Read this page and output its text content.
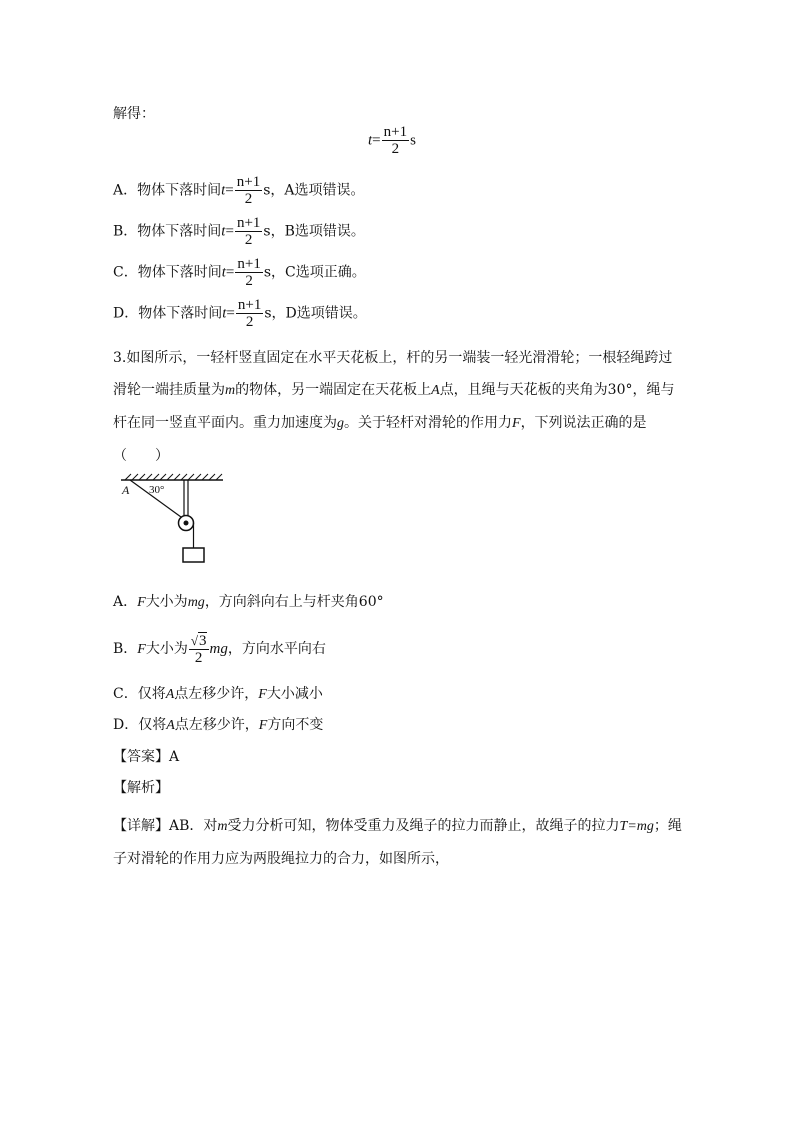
解得：
$t= \frac{n+1}{2}$ s
A．物体下落时间$t= \frac{n+1}{2}$ s，A选项错误。
B．物体下落时间$t= \frac{n+1}{2}$ s，B选项错误。
C．物体下落时间$t= \frac{n+1}{2}$ s，C选项正确。
D．物体下落时间$t= \frac{n+1}{2}$ s，D选项错误。
3.如图所示，一轻杆竖直固定在水平天花板上，杆的另一端装一轻光滑滑轮；一根轻绳跨过滑轮一端挂质量为m的物体，另一端固定在天花板上A点，且绳与天花板的夹角为30°，绳与杆在同一竖直平面内。重力加速度为g。关于轻杆对滑轮的作用力F，下列说法正确的是
（　　）
A 30°
A．F大小为mg，方向斜向右上与杆夹角60°
B．F大小为 $\frac{√3}{2}$ mg，方向水平向右
C．仅将A点左移少许，F大小减小
D．仅将A点左移少许，F方向不变
【答案】A
【解析】
【详解】AB．对m受力分析可知，物体受重力及绳子的拉力而静止，故绳子的拉力T=mg；绳子对滑轮的作用力应为两股绳拉力的合力，如图所示，
